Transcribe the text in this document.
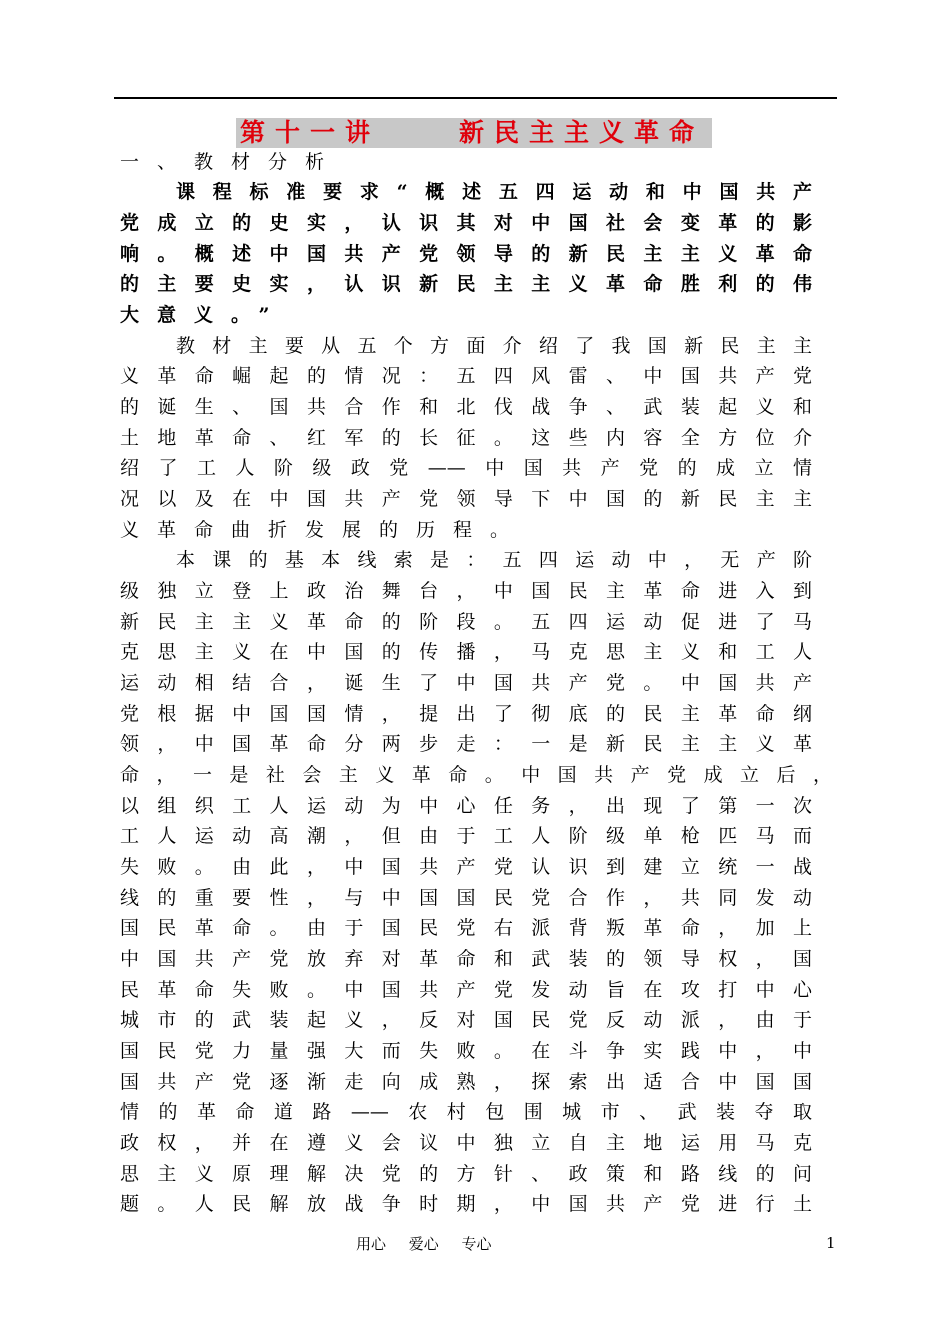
第十一讲	新民主主义革命
一、教材分析
课程标准要求“概述五四运动和中国共产
党成立的史实，认识其对中国社会变革的影
响。概述中国共产党领导的新民主主义革命
的主要史实，认识新民主主义革命胜利的伟
大意义。”
教材主要从五个方面介绍了我国新民主主
义革命崛起的情况：五四风雷、中国共产党
的诞生、国共合作和北伐战争、武装起义和
土地革命、红军的长征。这些内容全方位介
绍了工人阶级政党——中国共产党的成立情
况以及在中国共产党领导下中国的新民主主
义革命曲折发展的历程。
本课的基本线索是：五四运动中，无产阶
级独立登上政治舞台，中国民主革命进入到
新民主主义革命的阶段。五四运动促进了马
克思主义在中国的传播，马克思主义和工人
运动相结合，诞生了中国共产党。中国共产
党根据中国国情，提出了彻底的民主革命纲
领，中国革命分两步走：一是新民主主义革
命，一是社会主义革命。中国共产党成立后，
以组织工人运动为中心任务，出现了第一次
工人运动高潮，但由于工人阶级单枪匹马而
失败。由此，中国共产党认识到建立统一战
线的重要性，与中国国民党合作，共同发动
国民革命。由于国民党右派背叛革命，加上
中国共产党放弃对革命和武装的领导权，国
民革命失败。中国共产党发动旨在攻打中心
城市的武装起义，反对国民党反动派，由于
国民党力量强大而失败。在斗争实践中，中
国共产党逐渐走向成熟，探索出适合中国国
情的革命道路——农村包围城市、武装夺取
政权，并在遵义会议中独立自主地运用马克
思主义原理解决党的方针、政策和路线的问
题。人民解放战争时期，中国共产党进行土
用心 爱心 专心	1
